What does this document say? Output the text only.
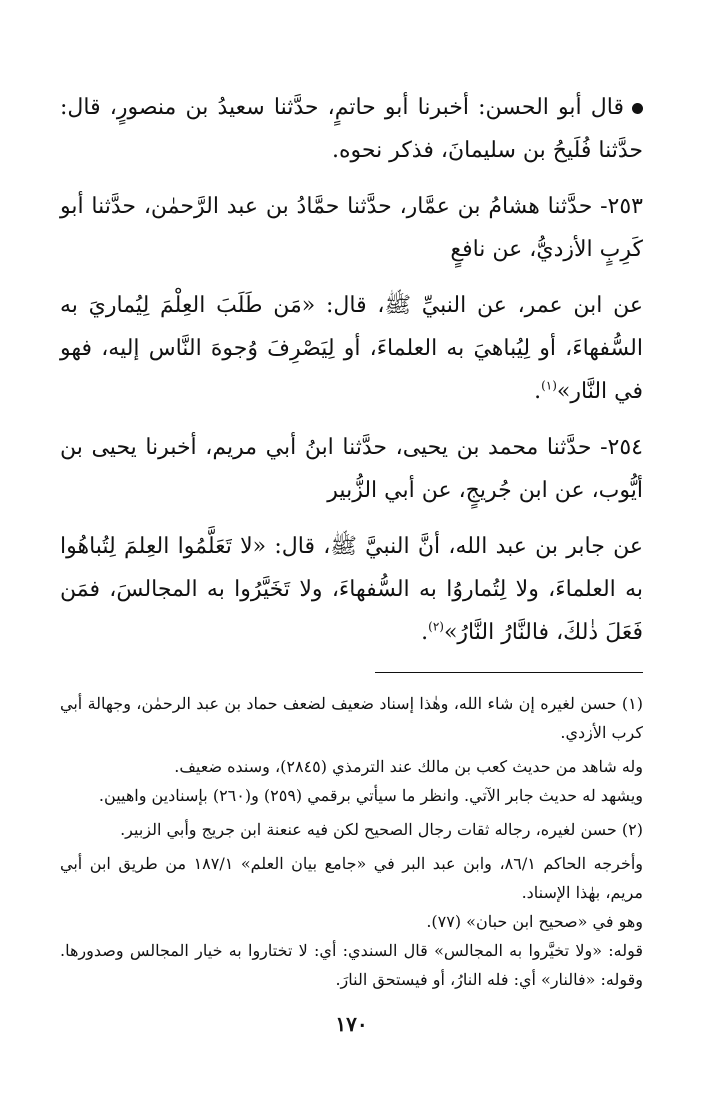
قال أبو الحسن: أخبرنا أبو حاتمٍ، حدَّثنا سعيدُ بن منصورٍ، قال: حدَّثنا فُلَيحُ بن سليمانَ، فذكر نحوه.

٢٥٣- حدَّثنا هشامُ بن عمَّار، حدَّثنا حمَّادُ بن عبد الرَّحمٰن، حدَّثنا أبو كَرِبٍ الأزديُّ، عن نافعٍ

عن ابن عمر، عن النبيِّ ﷺ، قال: «مَن طَلَبَ العِلْمَ لِيُماريَ به السُّفهاءَ، أو لِيُباهيَ به العلماءَ، أو لِيَصْرِفَ وُجوهَ النَّاس إليه، فهو في النَّار»$^{(١)}$.

٢٥٤- حدَّثنا محمد بن يحيى، حدَّثنا ابنُ أبي مريم، أخبرنا يحيى بن أيُّوب، عن ابن جُريجٍ، عن أبي الزُّبير

عن جابر بن عبد الله، أنَّ النبيَّ ﷺ، قال: «لا تَعَلَّمُوا العِلمَ لِتُباهُوا به العلماءَ، ولا لِتُماروُا به السُّفهاءَ، ولا تَخَيَّرُوا به المجالسَ، فمَن فَعَلَ ذٰلكَ، فالنَّارُ النَّارُ»$^{(٢)}$.

(١) حسن لغيره إن شاء الله، وهٰذا إسناد ضعيف لضعف حماد بن عبد الرحمٰن، وجهالة أبي كرب الأزدي.

وله شاهد من حديث كعب بن مالك عند الترمذي (٢٨٤٥)، وسنده ضعيف.

ويشهد له حديث جابر الآتي. وانظر ما سيأتي برقمي (٢٥٩) و(٢٦٠) بإسنادين واهيين.

(٢) حسن لغيره، رجاله ثقات رجال الصحيح لكن فيه عنعنة ابن جريج وأبي الزبير.

وأخرجه الحاكم ٨٦/١، وابن عبد البر في «جامع بيان العلم» ١٨٧/١ من طريق ابن أبي مريم، بهٰذا الإسناد.

وهو في «صحيح ابن حبان» (٧٧).

قوله: «ولا تخيَّروا به المجالس» قال السندي: أي: لا تختاروا به خيار المجالس وصدورها. وقوله: «فالنار» أي: فله النارُ، أو فيستحق النارَ.

١٧٠
